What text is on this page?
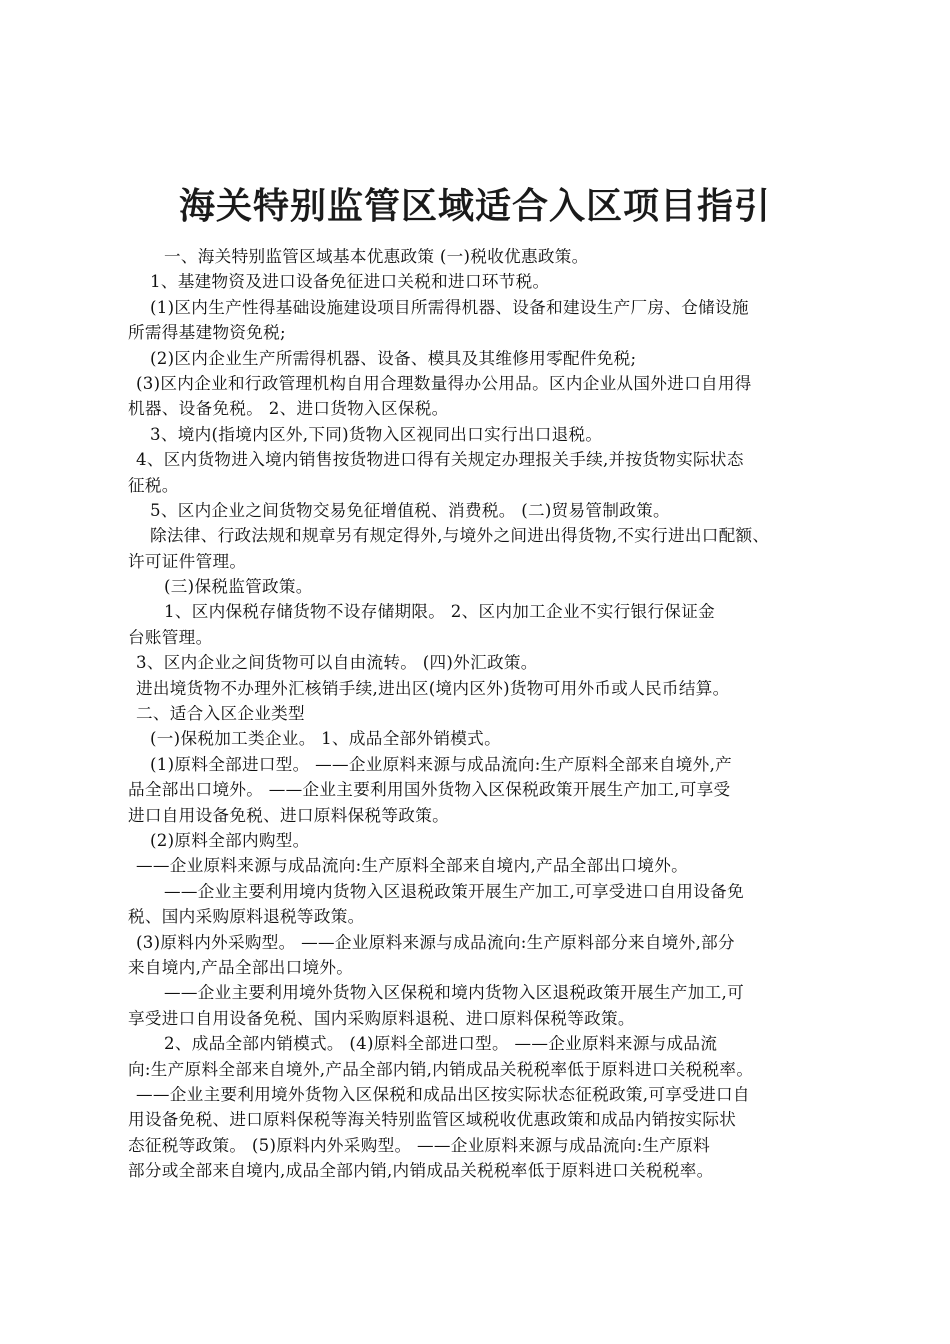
海关特别监管区域适合入区项目指引
一、海关特别监管区域基本优惠政策 (一)税收优惠政策。
1、基建物资及进口设备免征进口关税和进口环节税。
(1)区内生产性得基础设施建设项目所需得机器、设备和建设生产厂房、仓储设施
所需得基建物资免税;
(2)区内企业生产所需得机器、设备、模具及其维修用零配件免税;
(3)区内企业和行政管理机构自用合理数量得办公用品。区内企业从国外进口自用得
机器、设备免税。 2、进口货物入区保税。
3、境内(指境内区外,下同)货物入区视同出口实行出口退税。
4、区内货物进入境内销售按货物进口得有关规定办理报关手续,并按货物实际状态
征税。
5、区内企业之间货物交易免征增值税、消费税。 (二)贸易管制政策。
除法律、行政法规和规章另有规定得外,与境外之间进出得货物,不实行进出口配额、
许可证件管理。
(三)保税监管政策。
1、区内保税存储货物不设存储期限。 2、区内加工企业不实行银行保证金
台账管理。
3、区内企业之间货物可以自由流转。 (四)外汇政策。
进出境货物不办理外汇核销手续,进出区(境内区外)货物可用外币或人民币结算。
二、适合入区企业类型
(一)保税加工类企业。 1、成品全部外销模式。
(1)原料全部进口型。 ——企业原料来源与成品流向:生产原料全部来自境外,产
品全部出口境外。 ——企业主要利用国外货物入区保税政策开展生产加工,可享受
进口自用设备免税、进口原料保税等政策。
(2)原料全部内购型。
——企业原料来源与成品流向:生产原料全部来自境内,产品全部出口境外。
——企业主要利用境内货物入区退税政策开展生产加工,可享受进口自用设备免
税、国内采购原料退税等政策。
(3)原料内外采购型。 ——企业原料来源与成品流向:生产原料部分来自境外,部分
来自境内,产品全部出口境外。
——企业主要利用境外货物入区保税和境内货物入区退税政策开展生产加工,可
享受进口自用设备免税、国内采购原料退税、进口原料保税等政策。
2、成品全部内销模式。 (4)原料全部进口型。 ——企业原料来源与成品流
向:生产原料全部来自境外,产品全部内销,内销成品关税税率低于原料进口关税税率。
——企业主要利用境外货物入区保税和成品出区按实际状态征税政策,可享受进口自
用设备免税、进口原料保税等海关特别监管区域税收优惠政策和成品内销按实际状
态征税等政策。 (5)原料内外采购型。 ——企业原料来源与成品流向:生产原料
部分或全部来自境内,成品全部内销,内销成品关税税率低于原料进口关税税率。
